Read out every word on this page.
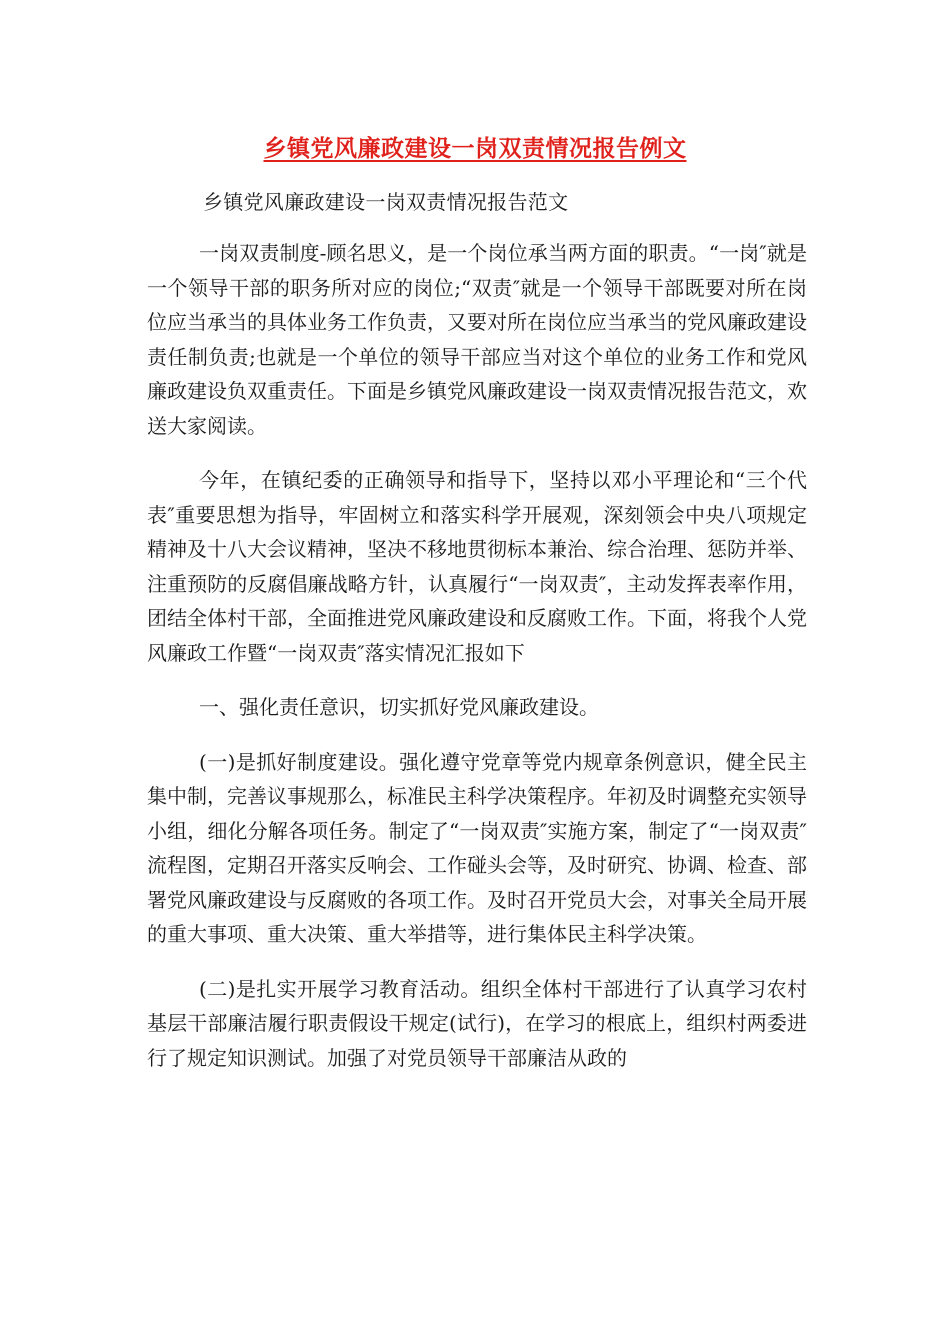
乡镇党风廉政建设一岗双责情况报告例文
乡镇党风廉政建设一岗双责情况报告范文

一岗双责制度-顾名思义，是一个岗位承当两方面的职责。“一岗″就是一个领导干部的职务所对应的岗位;“双责″就是一个领导干部既要对所在岗位应当承当的具体业务工作负责，又要对所在岗位应当承当的党风廉政建设责任制负责;也就是一个单位的领导干部应当对这个单位的业务工作和党风廉政建设负双重责任。下面是乡镇党风廉政建设一岗双责情况报告范文，欢送大家阅读。

今年，在镇纪委的正确领导和指导下，坚持以邓小平理论和“三个代表″重要思想为指导，牢固树立和落实科学开展观，深刻领会中央八项规定精神及十八大会议精神，坚决不移地贯彻标本兼治、综合治理、惩防并举、注重预防的反腐倡廉战略方针，认真履行“一岗双责″，主动发挥表率作用，团结全体村干部，全面推进党风廉政建设和反腐败工作。下面，将我个人党风廉政工作暨“一岗双责″落实情况汇报如下

一、强化责任意识，切实抓好党风廉政建设。

(一)是抓好制度建设。强化遵守党章等党内规章条例意识，健全民主集中制，完善议事规那么，标准民主科学决策程序。年初及时调整充实领导小组，细化分解各项任务。制定了“一岗双责″实施方案，制定了“一岗双责″流程图，定期召开落实反响会、工作碰头会等，及时研究、协调、检查、部署党风廉政建设与反腐败的各项工作。及时召开党员大会，对事关全局开展的重大事项、重大决策、重大举措等，进行集体民主科学决策。

(二)是扎实开展学习教育活动。组织全体村干部进行了认真学习农村基层干部廉洁履行职责假设干规定(试行)，在学习的根底上，组织村两委进行了规定知识测试。加强了对党员领导干部廉洁从政的
